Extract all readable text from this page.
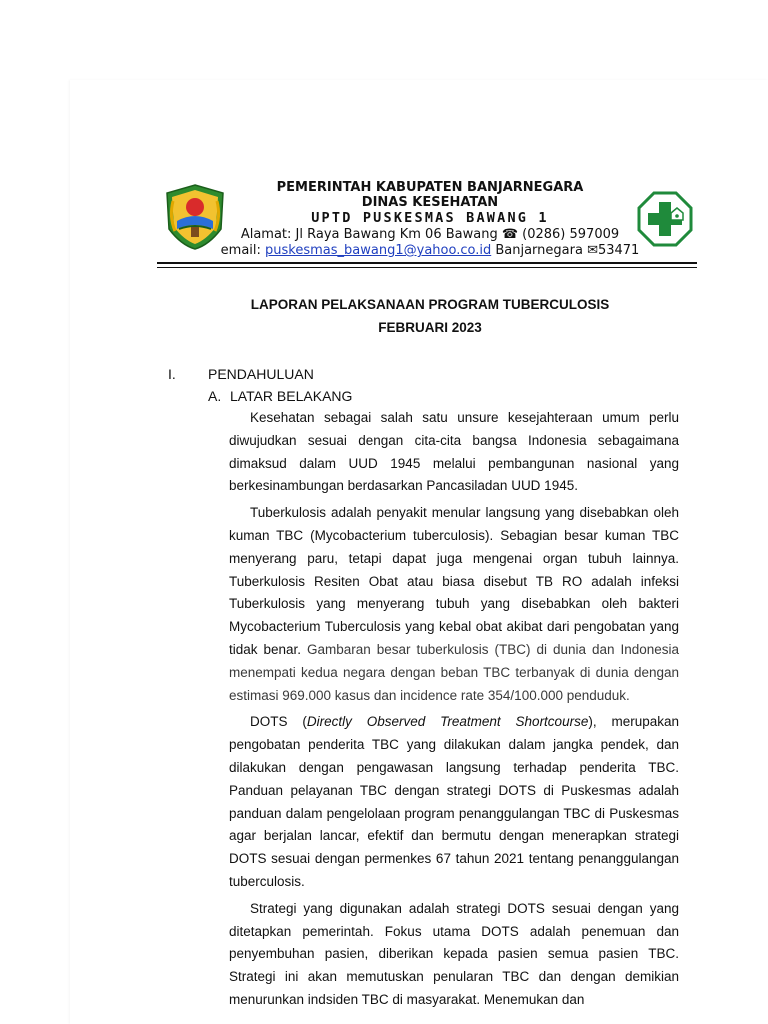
PEMERINTAH KABUPATEN BANJARNEGARA
DINAS KESEHATAN
UPTD PUSKESMAS BAWANG 1
Alamat: Jl Raya Bawang Km 06 Bawang ☎ (0286) 597009
email: puskesmas_bawang1@yahoo.co.id Banjarnegara ✉53471
LAPORAN PELAKSANAAN PROGRAM TUBERCULOSIS
FEBRUARI 2023
I. PENDAHULUAN
A. LATAR BELAKANG

Kesehatan sebagai salah satu unsure kesejahteraan umum perlu diwujudkan sesuai dengan cita-cita bangsa Indonesia sebagaimana dimaksud dalam UUD 1945 melalui pembangunan nasional yang berkesinambungan berdasarkan Pancasiladan UUD 1945.

Tuberkulosis adalah penyakit menular langsung yang disebabkan oleh kuman TBC (Mycobacterium tuberculosis). Sebagian besar kuman TBC menyerang paru, tetapi dapat juga mengenai organ tubuh lainnya. Tuberkulosis Resiten Obat atau biasa disebut TB RO adalah infeksi Tuberkulosis yang menyerang tubuh yang disebabkan oleh bakteri Mycobacterium Tuberculosis yang kebal obat akibat dari pengobatan yang tidak benar. Gambaran besar tuberkulosis (TBC) di dunia dan Indonesia menempati kedua negara dengan beban TBC terbanyak di dunia dengan estimasi 969.000 kasus dan incidence rate 354/100.000 penduduk.

DOTS (Directly Observed Treatment Shortcourse), merupakan pengobatan penderita TBC yang dilakukan dalam jangka pendek, dan dilakukan dengan pengawasan langsung terhadap penderita TBC. Panduan pelayanan TBC dengan strategi DOTS di Puskesmas adalah panduan dalam pengelolaan program penanggulangan TBC di Puskesmas agar berjalan lancar, efektif dan bermutu dengan menerapkan strategi DOTS sesuai dengan permenkes 67 tahun 2021 tentang penanggulangan tuberculosis.

Strategi yang digunakan adalah strategi DOTS sesuai dengan yang ditetapkan pemerintah. Fokus utama DOTS adalah penemuan dan penyembuhan pasien, diberikan kepada pasien semua pasien TBC. Strategi ini akan memutuskan penularan TBC dan dengan demikian menurunkan indsiden TBC di masyarakat. Menemukan dan
